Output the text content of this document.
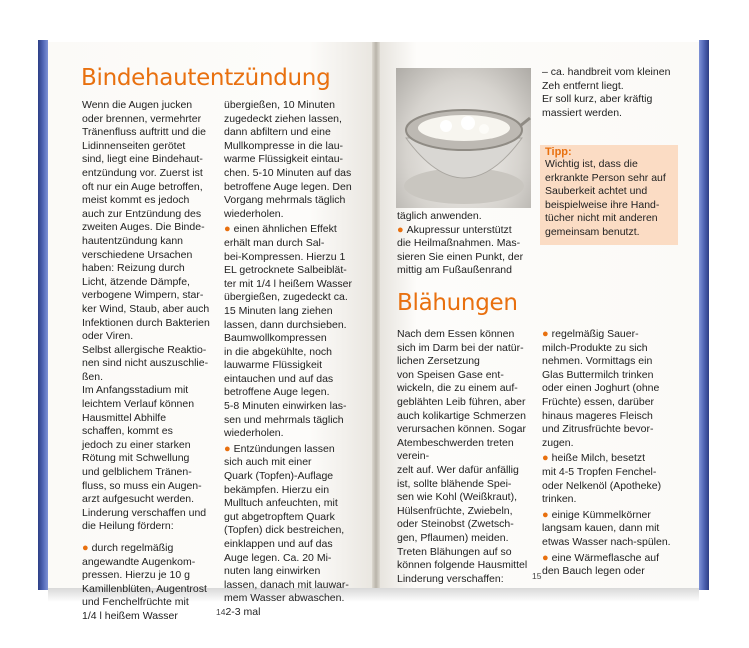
Bindehautentzündung

Wenn die Augen jucken

oder brennen, vermehrter

Tränenfluss auftritt und die

Lidinnenseiten gerötet

sind, liegt eine Bindehaut-

entzündung vor. Zuerst ist

oft nur ein Auge betroffen,

meist kommt es jedoch

auch zur Entzündung des

zweiten Auges. Die Binde-

hautentzündung kann

verschiedene Ursachen

haben: Reizung durch

Licht, ätzende Dämpfe,

verbogene Wimpern, star-

ker Wind, Staub, aber auch

Infektionen durch Bakterien

oder Viren.

Selbst allergische Reaktio-

nen sind nicht auszuschlie-

ßen.

Im Anfangsstadium mit

leichtem Verlauf können

Hausmittel Abhilfe

schaffen, kommt es

jedoch zu einer starken

Rötung mit Schwellung

und gelblichem Tränen-

fluss, so muss ein Augen-

arzt aufgesucht werden.

Linderung verschaffen und

die Heilung fördern:

● durch regelmäßig

angewandte Augenkom-

pressen. Hierzu je 10 g

Kamillenblüten, Augentrost

und Fenchelfrüchte mit

1/4 l heißem Wasser

übergießen, 10 Minuten

zugedeckt ziehen lassen,

dann abfiltern und eine

Mullkompresse in die lau-

warme Flüssigkeit eintau-

chen. 5-10 Minuten auf das

betroffene Auge legen. Den

Vorgang mehrmals täglich

wiederholen.

● einen ähnlichen Effekt

erhält man durch Sal-

bei-Kompressen. Hierzu 1

EL getrocknete Salbeiblät-

ter mit 1/4 l heißem Wasser

übergießen, zugedeckt ca.

15 Minuten lang ziehen

lassen, dann durchsieben.

Baumwollkompressen

in die abgekühlte, noch

lauwarme Flüssigkeit

eintauchen und auf das

betroffene Auge legen.

5-8 Minuten einwirken las-

sen und mehrmals täglich

wiederholen.

● Entzündungen lassen

sich auch mit einer

Quark (Topfen)-Auflage

bekämpfen. Hierzu ein

Mulltuch anfeuchten, mit

gut abgetropftem Quark

(Topfen) dick bestreichen,

einklappen und auf das

Auge legen. Ca. 20 Mi-

nuten lang einwirken

lassen, danach mit lauwar-

mem Wasser abwaschen.

142-3 mal

– ca. handbreit vom kleinen

Zeh entfernt liegt.

Er soll kurz, aber kräftig

massiert werden.

Tipp:

Wichtig ist, dass die

erkrankte Person sehr auf

Sauberkeit achtet und

beispielweise ihre Hand-

tücher nicht mit anderen

gemeinsam benutzt.

täglich anwenden.

● Akupressur unterstützt

die Heilmaßnahmen. Mas-

sieren Sie einen Punkt, der

mittig am Fußaußenrand

Blähungen

Nach dem Essen können

sich im Darm bei der natür-

lichen Zersetzung

von Speisen Gase ent-

wickeln, die zu einem auf-

geblähten Leib führen, aber

auch kolikartige Schmerzen

verursachen können. Sogar

Atembeschwerden treten

verein-

zelt auf. Wer dafür anfällig

ist, sollte blähende Spei-

sen wie Kohl (Weißkraut),

Hülsenfrüchte, Zwiebeln,

oder Steinobst (Zwetsch-

gen, Pflaumen) meiden.

Treten Blähungen auf so

können folgende Hausmittel

Linderung verschaffen:

● regelmäßig Sauer-

milch-Produkte zu sich

nehmen. Vormittags ein

Glas Buttermilch trinken

oder einen Joghurt (ohne

Früchte) essen, darüber

hinaus mageres Fleisch

und Zitrusfrüchte bevor-

zugen.

● heiße Milch, besetzt

mit 4-5 Tropfen Fenchel-

oder Nelkenöl (Apotheke)

trinken.

● einige Kümmelkörner

langsam kauen, dann mit

etwas Wasser nach-spülen.

● eine Wärmeflasche auf

den Bauch legen oder

15
